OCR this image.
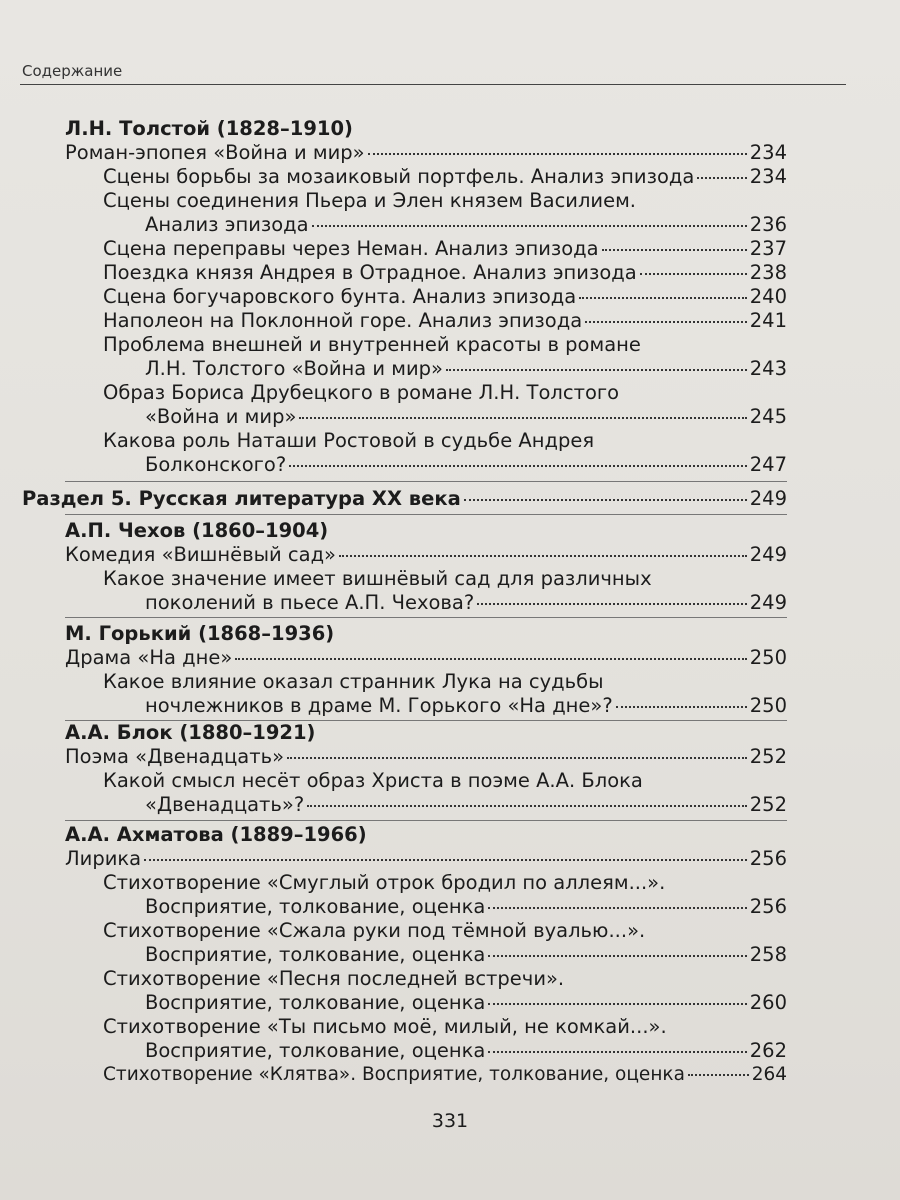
Содержание
Л.Н. Толстой (1828–1910)
Роман-эпопея «Война и мир»	234
Сцены борьбы за мозаиковый портфель. Анализ эпизода	234
Сцены соединения Пьера и Элен князем Василием.
Анализ эпизода	236
Сцена переправы через Неман. Анализ эпизода	237
Поездка князя Андрея в Отрадное. Анализ эпизода	238
Сцена богучаровского бунта. Анализ эпизода	240
Наполеон на Поклонной горе. Анализ эпизода	241
Проблема внешней и внутренней красоты в романе
Л.Н. Толстого «Война и мир»	243
Образ Бориса Друбецкого в романе Л.Н. Толстого
«Война и мир»	245
Какова роль Наташи Ростовой в судьбе Андрея
Болконского?	247
Раздел 5. Русская литература ХХ века	249
А.П. Чехов (1860–1904)
Комедия «Вишнёвый сад»	249
Какое значение имеет вишнёвый сад для различных
поколений в пьесе А.П. Чехова?	249
М. Горький (1868–1936)
Драма «На дне»	250
Какое влияние оказал странник Лука на судьбы
ночлежников в драме М. Горького «На дне»?	250
А.А. Блок (1880–1921)
Поэма «Двенадцать»	252
Какой смысл несёт образ Христа в поэме А.А. Блока
«Двенадцать»?	252
А.А. Ахматова (1889–1966)
Лирика	256
Стихотворение «Смуглый отрок бродил по аллеям...».
Восприятие, толкование, оценка	256
Стихотворение «Сжала руки под тёмной вуалью...».
Восприятие, толкование, оценка	258
Стихотворение «Песня последней встречи».
Восприятие, толкование, оценка	260
Стихотворение «Ты письмо моё, милый, не комкай...».
Восприятие, толкование, оценка	262
Стихотворение «Клятва». Восприятие, толкование, оценка	264
331
